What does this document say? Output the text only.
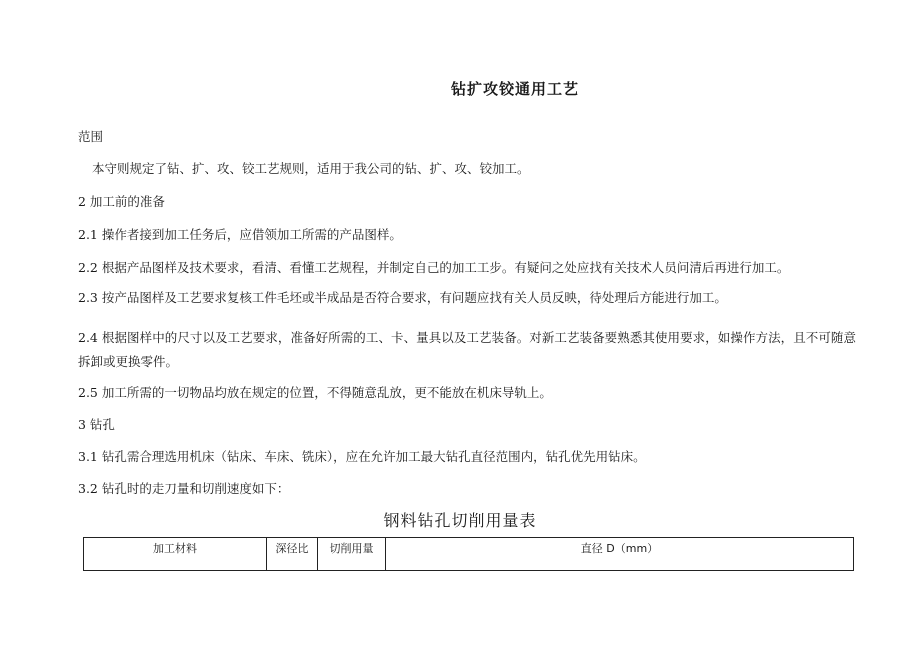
钻扩攻铰通用工艺
范围
本守则规定了钻、扩、攻、铰工艺规则，适用于我公司的钻、扩、攻、铰加工。
2 加工前的准备
2.1 操作者接到加工任务后，应借领加工所需的产品图样。
2.2 根据产品图样及技术要求，看清、看懂工艺规程，并制定自己的加工工步。有疑问之处应找有关技术人员问清后再进行加工。
2.3 按产品图样及工艺要求复核工件毛坯或半成品是否符合要求，有问题应找有关人员反映，待处理后方能进行加工。
2.4 根据图样中的尺寸以及工艺要求，准备好所需的工、卡、量具以及工艺装备。对新工艺装备要熟悉其使用要求，如操作方法，且不可随意拆卸或更换零件。
2.5 加工所需的一切物品均放在规定的位置，不得随意乱放，更不能放在机床导轨上。
3 钻孔
3.1 钻孔需合理选用机床（钻床、车床、铣床），应在允许加工最大钻孔直径范围内，钻孔优先用钻床。
3.2 钻孔时的走刀量和切削速度如下：
钢料钻孔切削用量表
加工材料	深径比	切削用量	直径 D（mm）
